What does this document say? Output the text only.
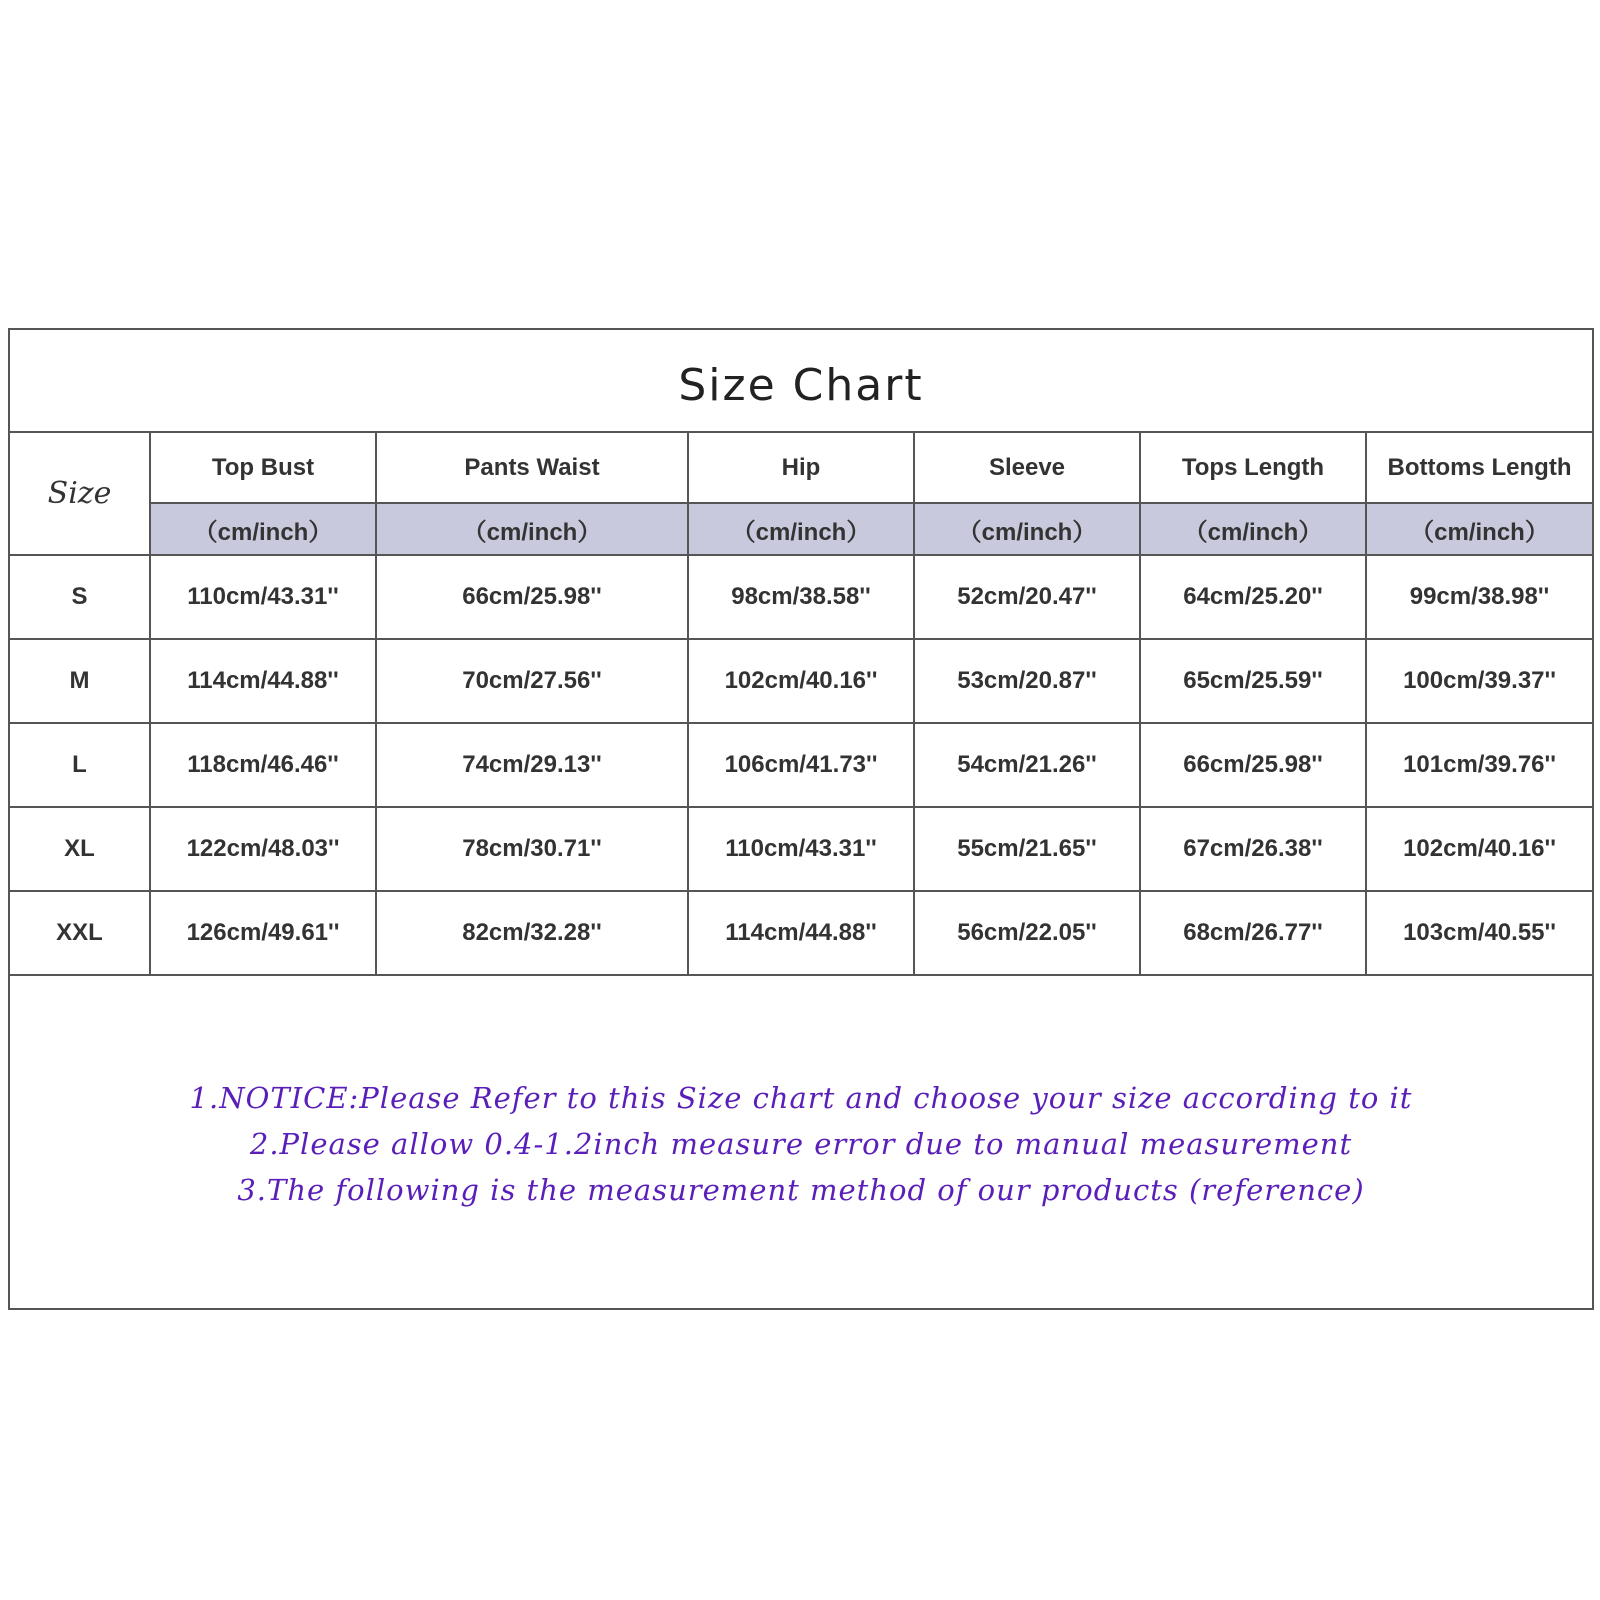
Size Chart
Size	Top Bust	Pants Waist	Hip	Sleeve	Tops Length	Bottoms Length
	（cm/inch）	（cm/inch）	（cm/inch）	（cm/inch）	（cm/inch）	（cm/inch）
S	110cm/43.31''	66cm/25.98''	98cm/38.58''	52cm/20.47''	64cm/25.20''	99cm/38.98''
M	114cm/44.88''	70cm/27.56''	102cm/40.16''	53cm/20.87''	65cm/25.59''	100cm/39.37''
L	118cm/46.46''	74cm/29.13''	106cm/41.73''	54cm/21.26''	66cm/25.98''	101cm/39.76''
XL	122cm/48.03''	78cm/30.71''	110cm/43.31''	55cm/21.65''	67cm/26.38''	102cm/40.16''
XXL	126cm/49.61''	82cm/32.28''	114cm/44.88''	56cm/22.05''	68cm/26.77''	103cm/40.55''
1.NOTICE:Please Refer to this Size chart and choose your size according to it
2.Please allow 0.4-1.2inch measure error due to manual measurement
3.The following is the measurement method of our products (reference)
